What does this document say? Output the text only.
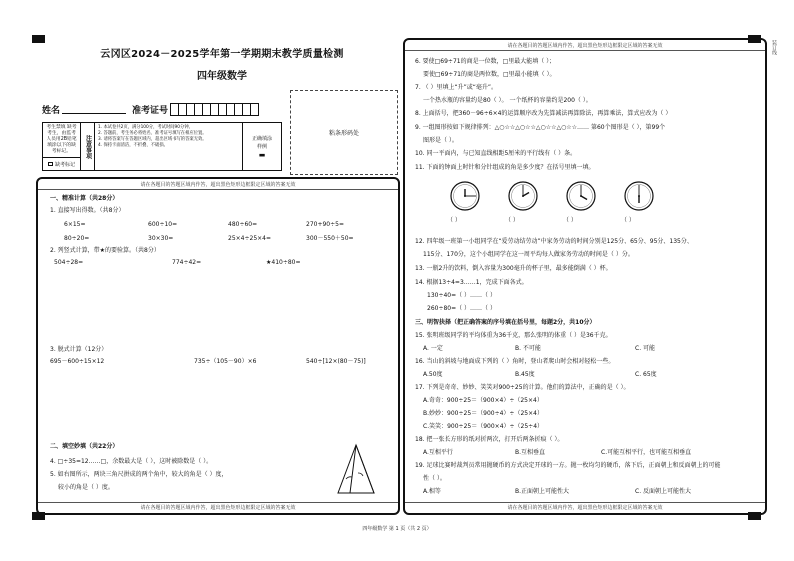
云冈区2024－2025学年第一学期期末教学质量检测
四年级数学
姓名	准考证号
粘条形码处
考生禁填 缺考考生，由监考人员用2B铅笔填涂以下的缺考标记。
缺考标记
注意事项
1. 本试卷共2页，满分100分，考试时间90分钟。
2. 答题前，考生务必将姓名、准考证号填写在相应位置。
3. 请将答案写在答题区域内，超出区域书写的答案无效。
4. 保持卡面清洁，不折叠、不破损。
正确填涂样例
▬
请在各题目的答题区域内作答，超出黑色矩形边框限定区域的答案无效
请在各题目的答题区域内作答，超出黑色矩形边框限定区域的答案无效
一、精准计算（共28分）
1. 直接写出得数。（共8分）
6×15=	600÷10=	480÷60=	270+90÷5=
80÷20=	30×30=	25×4÷25×4=	300－550＋50=
2. 列竖式计算，带★的要验算。（共8分）
504÷28=	774÷42=	★410÷80=
3. 脱式计算（12分）
695－600÷15×12	735÷（105－90）×6	540÷[12×(80－75)]
二、填空妙填（共22分）
4. □÷35=12……□，余数最大是（ ），这时被除数是（ ）。
5. 如右图所示，两块三角尺拼成的两个角中，较大的角是（ ）度，
较小的角是（ ）度。
请在各题目的答题区域内作答，超出黑色矩形边框限定区域的答案无效
请在各题目的答题区域内作答，超出黑色矩形边框限定区域的答案无效
6. 要使□69÷71的商是一位数，□里最大能填（ ）；
要使□69÷71的商是两位数，□里最小能填（ ）。
7. （ ）里填上“升”或“毫升”。
一个热水瓶的容量约是80（ ）。 一个纸杯的容量约是200（ ）。
8. 上面括号，把360－96÷6×4的运算顺序改为先算减法再算除法，再算乘法，算式应改为（ ）
9. 一组图形按如下规律排列：△○☆☆△○☆☆△○☆☆△○☆☆…… 第60个图形是（ ），第99个
图形是（ ）。
10. 同一平面内，与已知直线相距5厘米的平行线有（ ）条。
11. 下面的钟面上时针和分针组成的角是多少度？在括号里填一填。
（ ）	（ ）	（ ）	（ ）
12. 四年级一班第一小组同学在“爱劳动结劳动”中家务劳动的时间分别是125分、65分、95分、135分、
115分、170分，这个小组同学在这一周平均每人做家务劳动的时间是（ ）分。
13. 一瓶2升的饮料，倒入容量为300毫升的杯子里，最多能倒满（ ）杯。
14. 根据13÷4=3……1，完成下面各式。
130÷40=（ ）……（ ）
260÷80=（ ）……（ ）
三、明智抉择（把正确答案的序号填在括号里，每题2分，共10分）
15. 张明班级同学的平均体重为36千克，那么张明的体重（ ）是36千克。
A. 一定	B. 不可能	C. 可能
16. 当山的斜坡与地面成下列的（ ）角时，登山者爬山时会相对轻松一些。
A.50度	B.45度	C. 65度
17. 下列是奇奇、妙妙、笑笑对900÷25的计算。他们的算法中，正确的是（ ）。
A.奇奇：900÷25＝（900×4）÷（25×4）
B.妙妙：900÷25＝（900÷4）÷（25×4）
C.笑笑：900÷25＝（900×4）÷（25÷4）
18. 把一张长方形的纸对折两次，打开后两条折痕（ ）。
A.互相平行	B.互相垂直	C.可能互相平行，也可能互相垂直
19. 足球比赛时裁判员常用抛硬币的方式决定开球的一方。抛一枚均匀的硬币，落下后，正面朝上和反面朝上的可能
性（ ）。
A.相等	B.正面朝上可能性大	C. 反面朝上可能性大
装订线
四年级数学 第 1 页（共 2 页）
